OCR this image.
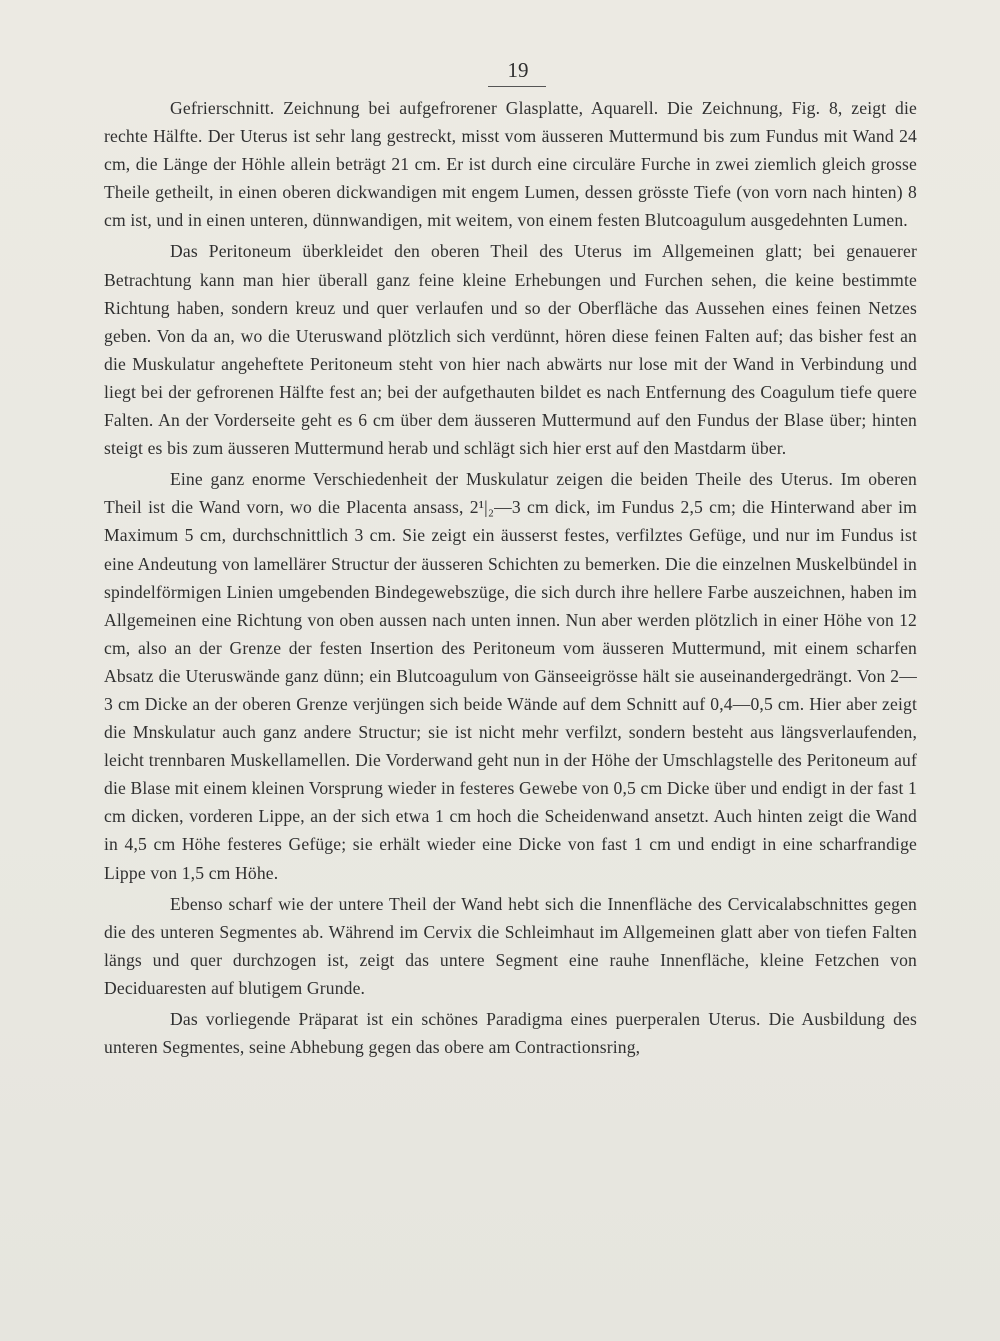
19

Gefrierschnitt. Zeichnung bei aufgefrorener Glasplatte, Aquarell. Die Zeichnung, Fig. 8, zeigt die rechte Hälfte. Der Uterus ist sehr lang gestreckt, misst vom äusseren Muttermund bis zum Fundus mit Wand 24 cm, die Länge der Höhle allein beträgt 21 cm. Er ist durch eine circuläre Furche in zwei ziemlich gleich grosse Theile getheilt, in einen oberen dickwandigen mit engem Lumen, dessen grösste Tiefe (von vorn nach hinten) 8 cm ist, und in einen unteren, dünnwandigen, mit weitem, von einem festen Blutcoagulum ausgedehnten Lumen.

Das Peritoneum überkleidet den oberen Theil des Uterus im Allgemeinen glatt; bei genauerer Betrachtung kann man hier überall ganz feine kleine Erhebungen und Furchen sehen, die keine bestimmte Richtung haben, sondern kreuz und quer verlaufen und so der Oberfläche das Aussehen eines feinen Netzes geben. Von da an, wo die Uteruswand plötzlich sich verdünnt, hören diese feinen Falten auf; das bisher fest an die Muskulatur angeheftete Peritoneum steht von hier nach abwärts nur lose mit der Wand in Verbindung und liegt bei der gefrorenen Hälfte fest an; bei der aufgethauten bildet es nach Entfernung des Coagulum tiefe quere Falten. An der Vorderseite geht es 6 cm über dem äusseren Muttermund auf den Fundus der Blase über; hinten steigt es bis zum äusseren Muttermund herab und schlägt sich hier erst auf den Mastdarm über.

Eine ganz enorme Verschiedenheit der Muskulatur zeigen die beiden Theile des Uterus. Im oberen Theil ist die Wand vorn, wo die Placenta ansass, 2¹|₂—3 cm dick, im Fundus 2,5 cm; die Hinterwand aber im Maximum 5 cm, durchschnittlich 3 cm. Sie zeigt ein äusserst festes, verfilztes Gefüge, und nur im Fundus ist eine Andeutung von lamellärer Structur der äusseren Schichten zu bemerken. Die die einzelnen Muskelbündel in spindelförmigen Linien umgebenden Bindegewebszüge, die sich durch ihre hellere Farbe auszeichnen, haben im Allgemeinen eine Richtung von oben aussen nach unten innen. Nun aber werden plötzlich in einer Höhe von 12 cm, also an der Grenze der festen Insertion des Peritoneum vom äusseren Muttermund, mit einem scharfen Absatz die Uteruswände ganz dünn; ein Blutcoagulum von Gänseeigrösse hält sie auseinandergedrängt. Von 2—3 cm Dicke an der oberen Grenze verjüngen sich beide Wände auf dem Schnitt auf 0,4—0,5 cm. Hier aber zeigt die Mnskulatur auch ganz andere Structur; sie ist nicht mehr verfilzt, sondern besteht aus längsverlaufenden, leicht trennbaren Muskellamellen. Die Vorderwand geht nun in der Höhe der Umschlagstelle des Peritoneum auf die Blase mit einem kleinen Vorsprung wieder in festeres Gewebe von 0,5 cm Dicke über und endigt in der fast 1 cm dicken, vorderen Lippe, an der sich etwa 1 cm hoch die Scheidenwand ansetzt. Auch hinten zeigt die Wand in 4,5 cm Höhe festeres Gefüge; sie erhält wieder eine Dicke von fast 1 cm und endigt in eine scharfrandige Lippe von 1,5 cm Höhe.

Ebenso scharf wie der untere Theil der Wand hebt sich die Innenfläche des Cervicalabschnittes gegen die des unteren Segmentes ab. Während im Cervix die Schleimhaut im Allgemeinen glatt aber von tiefen Falten längs und quer durchzogen ist, zeigt das untere Segment eine rauhe Innenfläche, kleine Fetzchen von Deciduaresten auf blutigem Grunde.

Das vorliegende Präparat ist ein schönes Paradigma eines puerperalen Uterus. Die Ausbildung des unteren Segmentes, seine Abhebung gegen das obere am Contractionsring,
